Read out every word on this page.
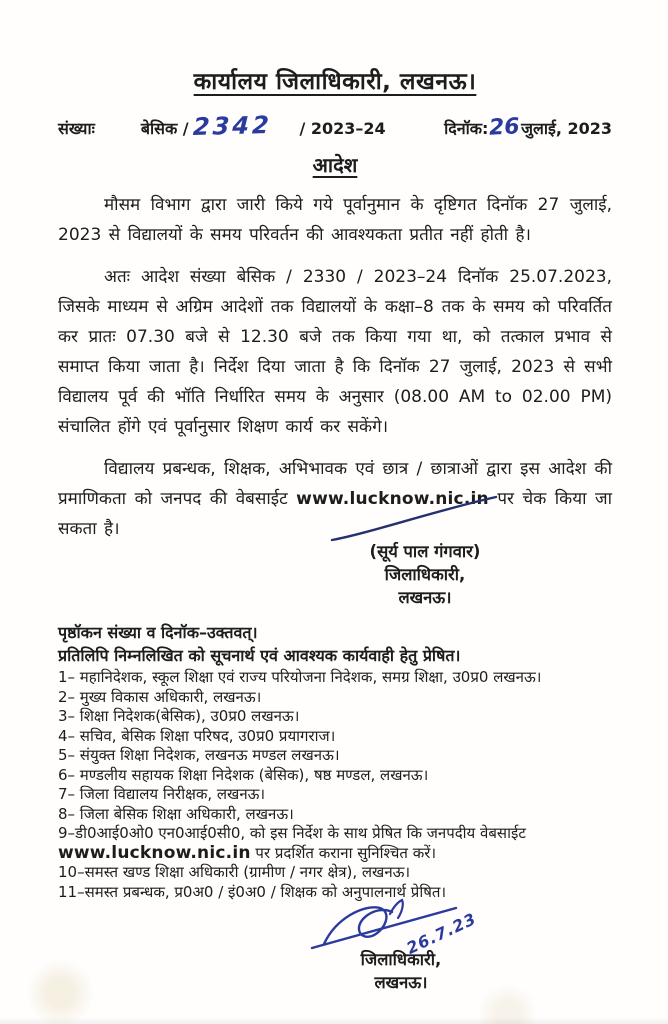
कार्यालय जिलाधिकारी, लखनऊ।
संख्याः	बेसिक / 2342 / 2023–24	दिनॉक: 26 जुलाई, 2023
आदेश

मौसम विभाग द्वारा जारी किये गये पूर्वानुमान के दृष्टिगत दिनॉक 27 जुलाई, 2023 से विद्यालयों के समय परिवर्तन की आवश्यकता प्रतीत नहीं होती है।

अतः आदेश संख्या बेसिक / 2330 / 2023–24 दिनॉक 25.07.2023, जिसके माध्यम से अग्रिम आदेशों तक विद्यालयों के कक्षा–8 तक के समय को परिवर्तित कर प्रातः 07.30 बजे से 12.30 बजे तक किया गया था, को तत्काल प्रभाव से समाप्त किया जाता है। निर्देश दिया जाता है कि दिनॉक 27 जुलाई, 2023 से सभी विद्यालय पूर्व की भॉति निर्धारित समय के अनुसार (08.00 AM to 02.00 PM) संचालित होंगे एवं पूर्वानुसार शिक्षण कार्य कर सकेंगे।

विद्यालय प्रबन्धक, शिक्षक, अभिभावक एवं छात्र / छात्राओं द्वारा इस आदेश की प्रमाणिकता को जनपद की वेबसाईट www.lucknow.nic.in पर चेक किया जा सकता है।

(सूर्य पाल गंगवार)
जिलाधिकारी,
लखनऊ।
पृष्ठॉकन संख्या व दिनॉक–उक्तवत्।
प्रतिलिपि निम्नलिखित को सूचनार्थ एवं आवश्यक कार्यवाही हेतु प्रेषित।
1– महानिदेशक, स्कूल शिक्षा एवं राज्य परियोजना निदेशक, समग्र शिक्षा, उ0प्र0 लखनऊ।
2– मुख्य विकास अधिकारी, लखनऊ।
3– शिक्षा निदेशक(बेसिक), उ0प्र0 लखनऊ।
4– सचिव, बेसिक शिक्षा परिषद, उ0प्र0 प्रयागराज।
5– संयुक्त शिक्षा निदेशक, लखनऊ मण्डल लखनऊ।
6– मण्डलीय सहायक शिक्षा निदेशक (बेसिक), षष्ठ मण्डल, लखनऊ।
7– जिला विद्यालय निरीक्षक, लखनऊ।
8– जिला बेसिक शिक्षा अधिकारी, लखनऊ।
9–डी0आई0ओ0 एन0आई0सी0, को इस निर्देश के साथ प्रेषित कि जनपदीय वेबसाईट www.lucknow.nic.in पर प्रदर्शित कराना सुनिश्चित करें।
10–समस्त खण्ड शिक्षा अधिकारी (ग्रामीण / नगर क्षेत्र), लखनऊ।
11–समस्त प्रबन्धक, प्र0अ0 / इं0अ0 / शिक्षक को अनुपालनार्थ प्रेषित।
26.7.23
जिलाधिकारी,
लखनऊ।
